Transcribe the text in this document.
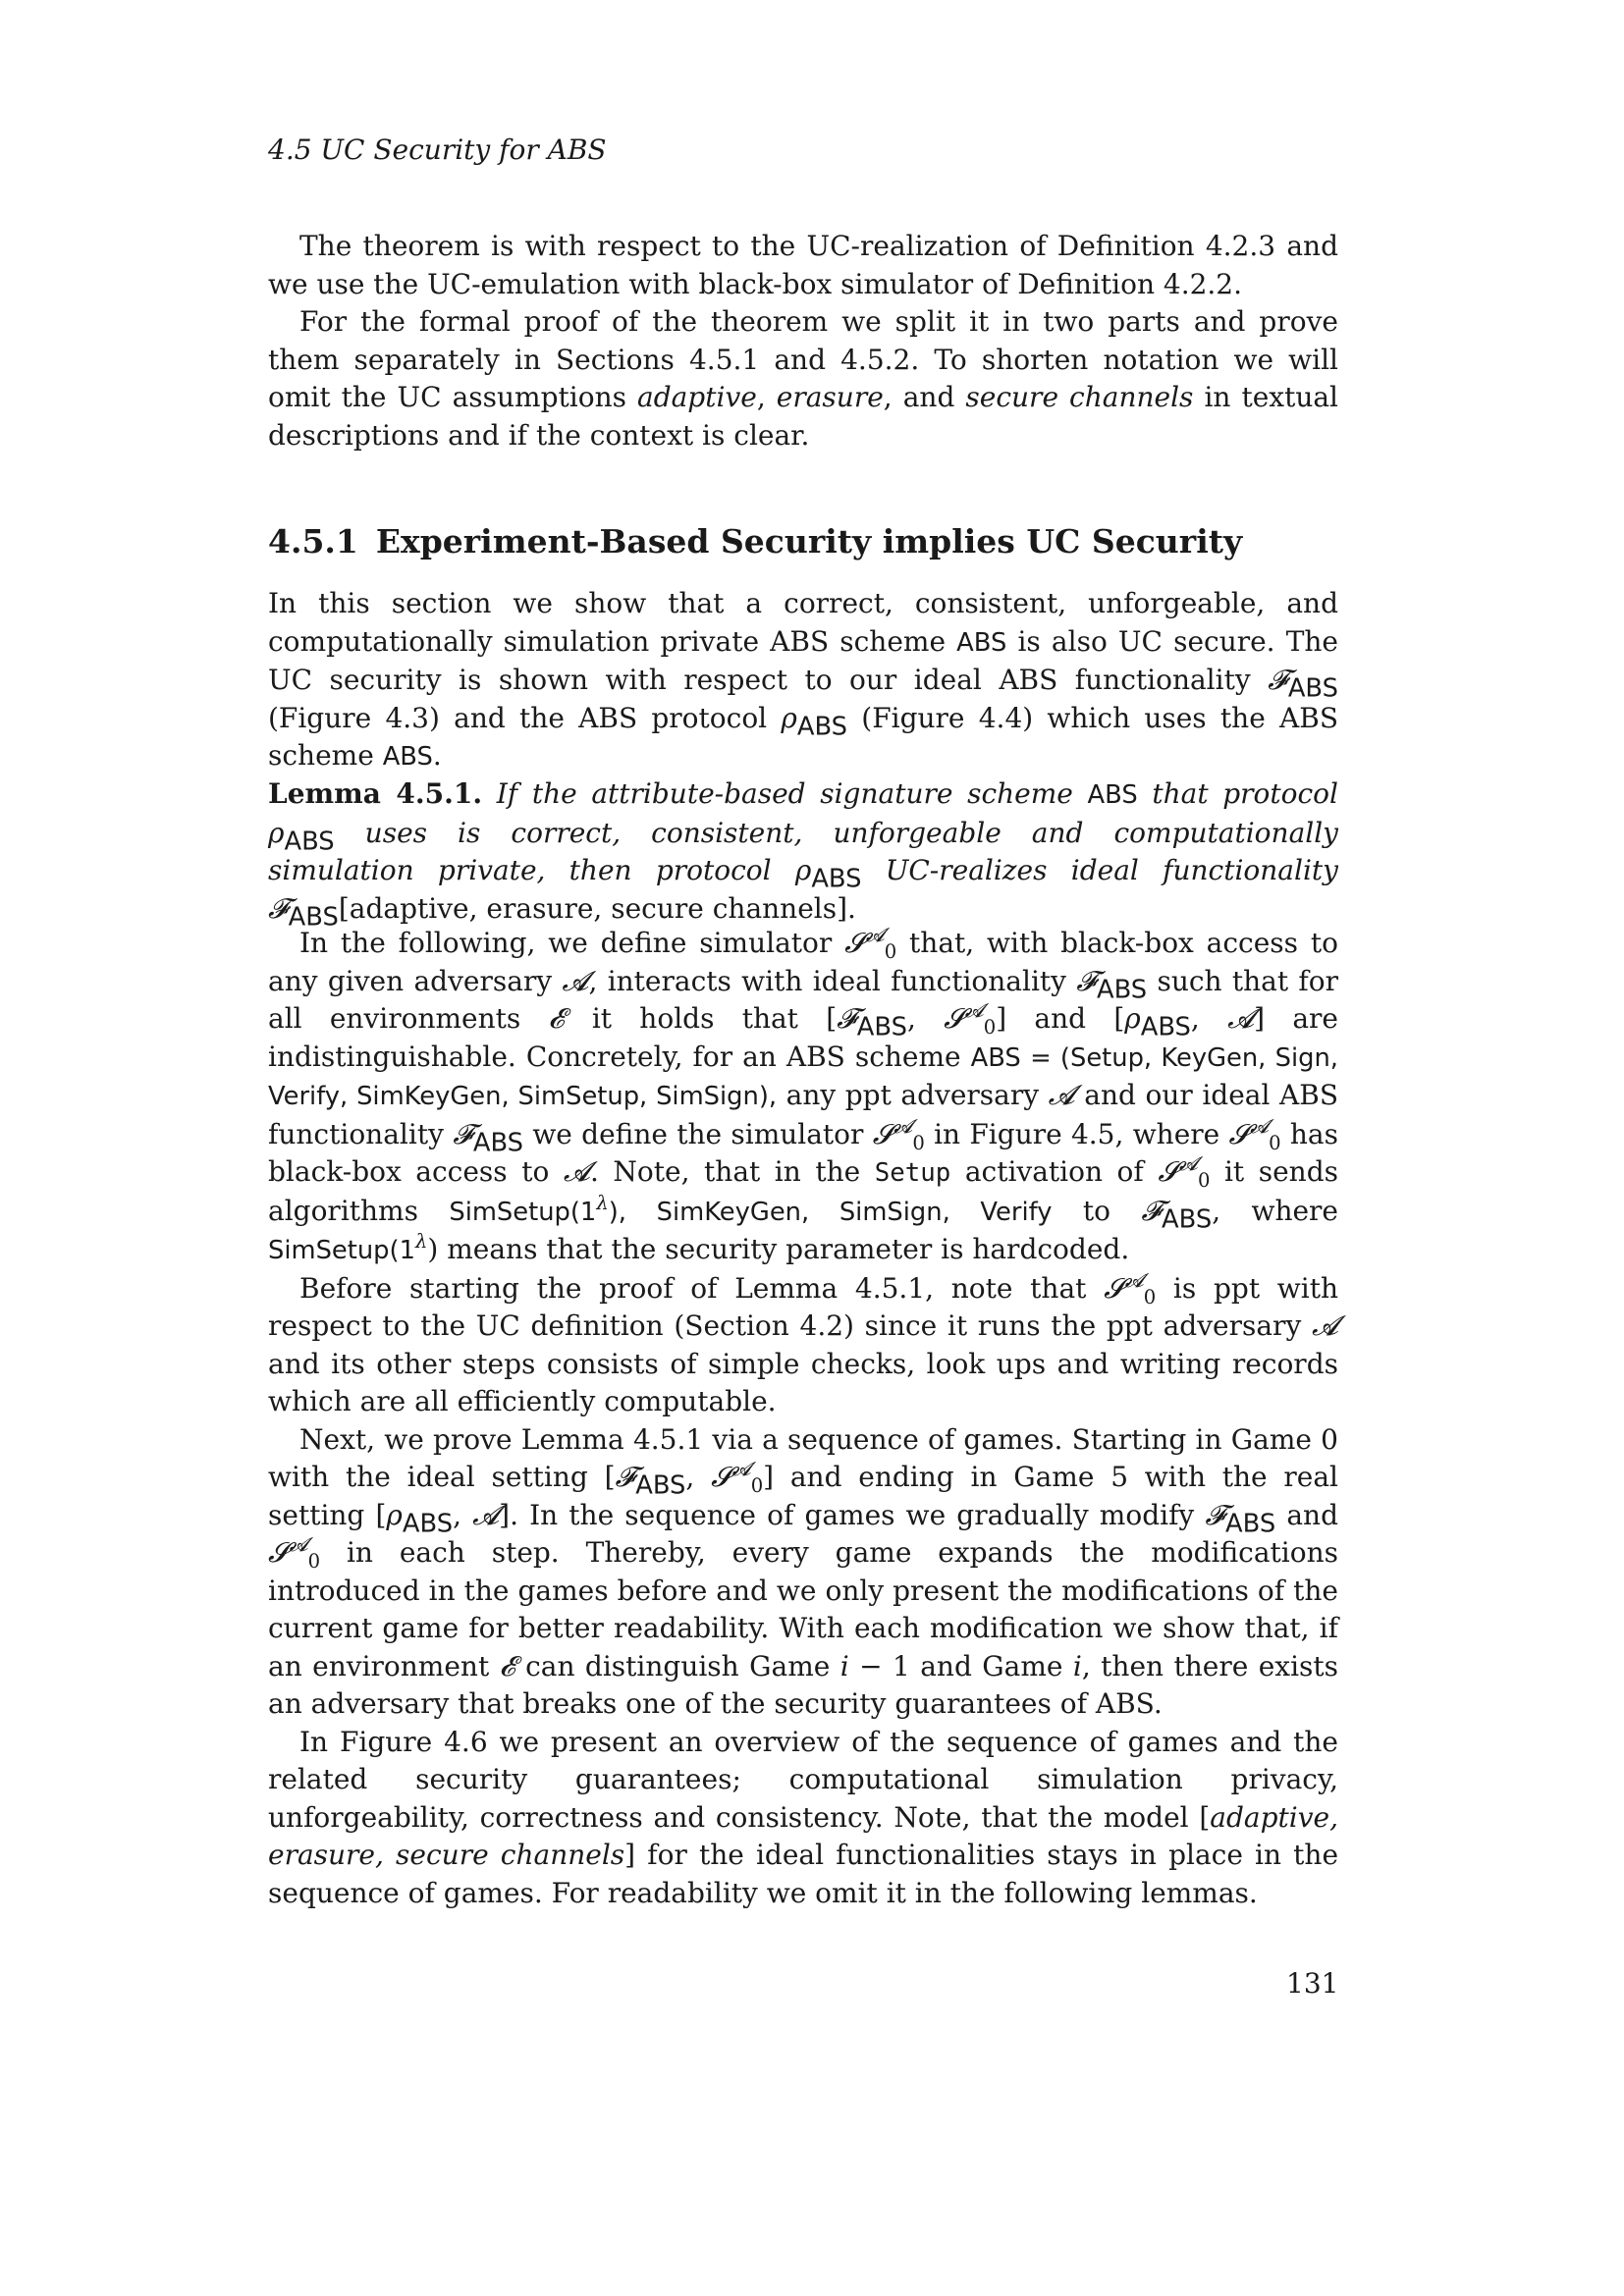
4.5 UC Security for ABS

The theorem is with respect to the UC-realization of Definition 4.2.3 and we use the UC-emulation with black-box simulator of Definition 4.2.2.

For the formal proof of the theorem we split it in two parts and prove them separately in Sections 4.5.1 and 4.5.2. To shorten notation we will omit the UC assumptions adaptive, erasure, and secure channels in textual descriptions and if the context is clear.

4.5.1 Experiment-Based Security implies UC Security

In this section we show that a correct, consistent, unforgeable, and computationally simulation private ABS scheme ABS is also UC secure. The UC security is shown with respect to our ideal ABS functionality 𝓕$_{ABS}$ (Figure 4.3) and the ABS protocol $\rho_{ABS}$ (Figure 4.4) which uses the ABS scheme ABS.

Lemma 4.5.1. If the attribute-based signature scheme ABS that protocol $\rho_{ABS}$ uses is correct, consistent, unforgeable and computationally simulation private, then protocol $\rho_{ABS}$ UC-realizes ideal functionality 𝓕$_{ABS}$[adaptive, erasure, secure channels].

In the following, we define simulator 𝓢$^𝓐_0$ that, with black-box access to any given adversary 𝓐, interacts with ideal functionality 𝓕$_{ABS}$ such that for all environments 𝓔 it holds that [𝓕$_{ABS}$, 𝓢$^𝓐_0$] and [$\rho_{ABS}$, 𝓐] are indistinguishable. Concretely, for an ABS scheme ABS = (Setup, KeyGen, Sign, Verify, SimKeyGen, SimSetup, SimSign), any ppt adversary 𝓐 and our ideal ABS functionality 𝓕$_{ABS}$ we define the simulator 𝓢$^𝓐_0$ in Figure 4.5, where 𝓢$^𝓐_0$ has black-box access to 𝓐. Note, that in the Setup activation of 𝓢$^𝓐_0$ it sends algorithms $SimSetup(1^\lambda)$, SimKeyGen, SimSign, Verify to 𝓕$_{ABS}$, where $SimSetup(1^\lambda)$ means that the security parameter is hardcoded.

Before starting the proof of Lemma 4.5.1, note that 𝓢$^𝓐_0$ is ppt with respect to the UC definition (Section 4.2) since it runs the ppt adversary 𝓐 and its other steps consists of simple checks, look ups and writing records which are all efficiently computable.

Next, we prove Lemma 4.5.1 via a sequence of games. Starting in Game 0 with the ideal setting [𝓕$_{ABS}$, 𝓢$^𝓐_0$] and ending in Game 5 with the real setting [$\rho_{ABS}$, 𝓐]. In the sequence of games we gradually modify 𝓕$_{ABS}$ and 𝓢$^𝓐_0$ in each step. Thereby, every game expands the modifications introduced in the games before and we only present the modifications of the current game for better readability. With each modification we show that, if an environment 𝓔 can distinguish Game i − 1 and Game i, then there exists an adversary that breaks one of the security guarantees of ABS.

In Figure 4.6 we present an overview of the sequence of games and the related security guarantees; computational simulation privacy, unforgeability, correctness and consistency. Note, that the model [adaptive, erasure, secure channels] for the ideal functionalities stays in place in the sequence of games. For readability we omit it in the following lemmas.

131
